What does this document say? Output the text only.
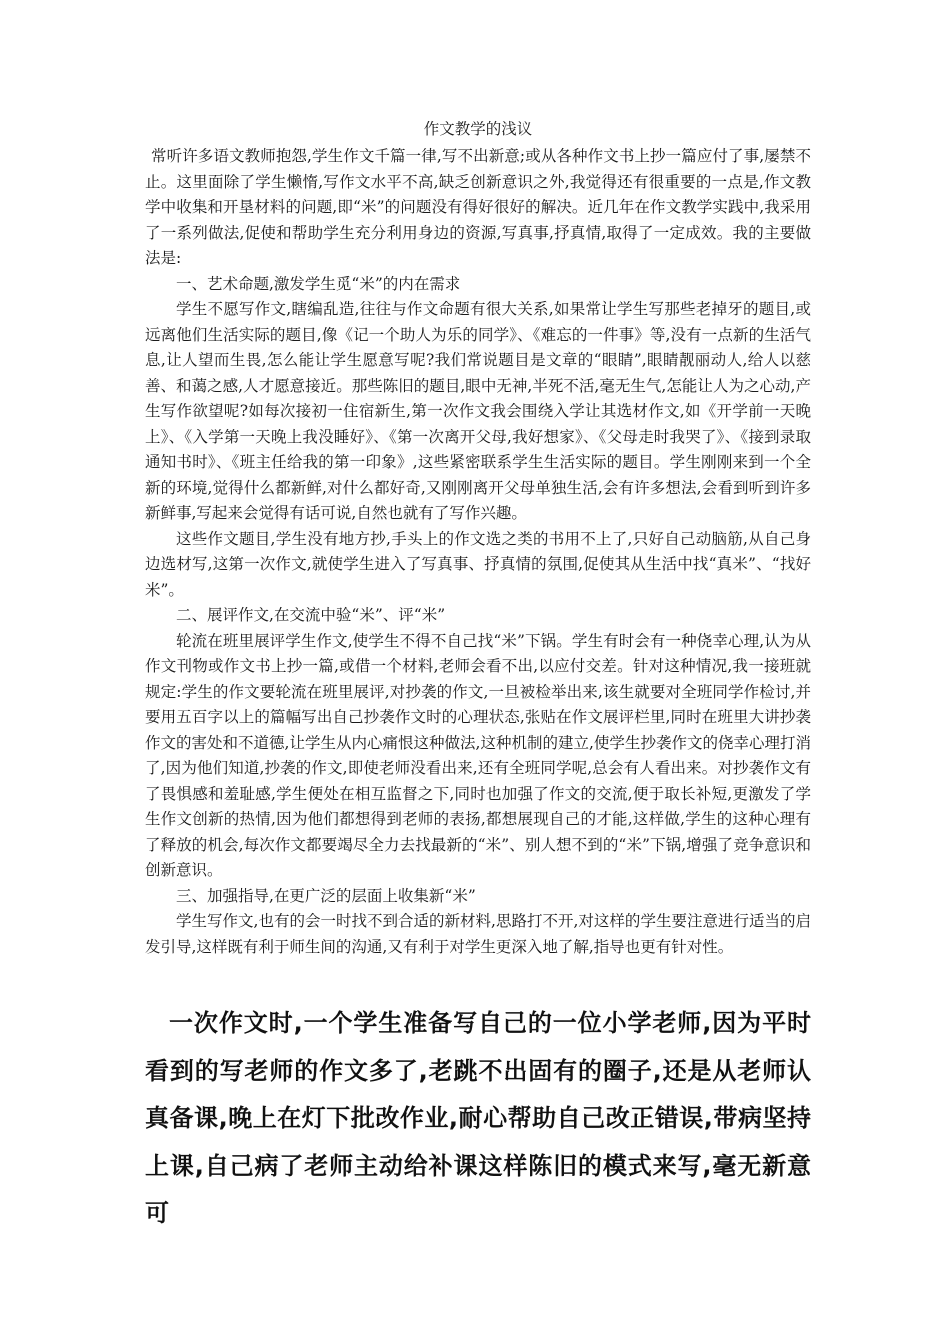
作文教学的浅议

常听许多语文教师抱怨,学生作文千篇一律,写不出新意;或从各种作文书上抄一篇应付了事,屡禁不止。这里面除了学生懒惰,写作文水平不高,缺乏创新意识之外,我觉得还有很重要的一点是,作文教学中收集和开垦材料的问题,即“米”的问题没有得好很好的解决。近几年在作文教学实践中,我采用了一系列做法,促使和帮助学生充分利用身边的资源,写真事,抒真情,取得了一定成效。我的主要做法是:

一、艺术命题,激发学生觅“米”的内在需求

学生不愿写作文,瞎编乱造,往往与作文命题有很大关系,如果常让学生写那些老掉牙的题目,或远离他们生活实际的题目,像《记一个助人为乐的同学》、《难忘的一件事》等,没有一点新的生活气息,让人望而生畏,怎么能让学生愿意写呢?我们常说题目是文章的“眼睛”,眼睛靓丽动人,给人以慈善、和蔼之感,人才愿意接近。那些陈旧的题目,眼中无神,半死不活,毫无生气,怎能让人为之心动,产生写作欲望呢?如每次接初一住宿新生,第一次作文我会围绕入学让其选材作文,如《开学前一天晚上》、《入学第一天晚上我没睡好》、《第一次离开父母,我好想家》、《父母走时我哭了》、《接到录取通知书时》、《班主任给我的第一印象》,这些紧密联系学生生活实际的题目。学生刚刚来到一个全新的环境,觉得什么都新鲜,对什么都好奇,又刚刚离开父母单独生活,会有许多想法,会看到听到许多新鲜事,写起来会觉得有话可说,自然也就有了写作兴趣。

这些作文题目,学生没有地方抄,手头上的作文选之类的书用不上了,只好自己动脑筋,从自己身边选材写,这第一次作文,就使学生进入了写真事、抒真情的氛围,促使其从生活中找“真米”、“找好米”。

二、展评作文,在交流中验“米”、评“米”

轮流在班里展评学生作文,使学生不得不自己找“米”下锅。学生有时会有一种侥幸心理,认为从作文刊物或作文书上抄一篇,或借一个材料,老师会看不出,以应付交差。针对这种情况,我一接班就规定:学生的作文要轮流在班里展评,对抄袭的作文,一旦被检举出来,该生就要对全班同学作检讨,并要用五百字以上的篇幅写出自己抄袭作文时的心理状态,张贴在作文展评栏里,同时在班里大讲抄袭作文的害处和不道德,让学生从内心痛恨这种做法,这种机制的建立,使学生抄袭作文的侥幸心理打消了,因为他们知道,抄袭的作文,即使老师没看出来,还有全班同学呢,总会有人看出来。对抄袭作文有了畏惧感和羞耻感,学生便处在相互监督之下,同时也加强了作文的交流,便于取长补短,更激发了学生作文创新的热情,因为他们都想得到老师的表扬,都想展现自己的才能,这样做,学生的这种心理有了释放的机会,每次作文都要竭尽全力去找最新的“米”、别人想不到的“米”下锅,增强了竞争意识和创新意识。

三、加强指导,在更广泛的层面上收集新“米”

学生写作文,也有的会一时找不到合适的新材料,思路打不开,对这样的学生要注意进行适当的启发引导,这样既有利于师生间的沟通,又有利于对学生更深入地了解,指导也更有针对性。

一次作文时,一个学生准备写自己的一位小学老师,因为平时看到的写老师的作文多了,老跳不出固有的圈子,还是从老师认真备课,晚上在灯下批改作业,耐心帮助自己改正错误,带病坚持上课,自己病了老师主动给补课这样陈旧的模式来写,毫无新意可
